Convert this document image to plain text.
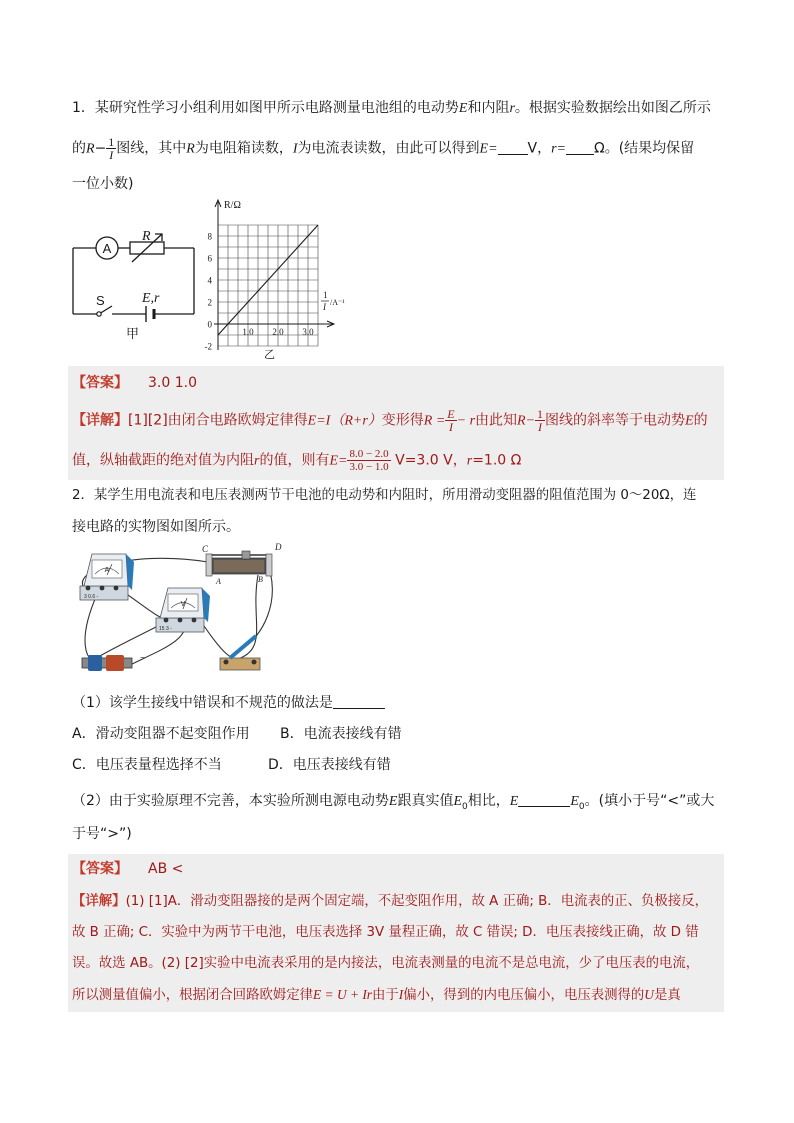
1．某研究性学习小组利用如图甲所示电路测量电池组的电动势E和内阻r。根据实验数据绘出如图乙所示
的$R- \frac{1}{I}$ 图线，其中R为电阻箱读数，I为电流表读数，由此可以得到E= V，r= Ω。(结果均保留
一位小数)
A
R
S	E,r
甲
8
6
4
2
0
-2
1.0 2.0 3.0
R/Ω
1
I /A⁻¹
乙
【答案】 3.0 1.0
【详解】[1][2]由闭合电路欧姆定律得E=I（R+r）变形得$R = \frac{E}{I} - r$由此知$R- \frac{1}{I}$ 图线的斜率等于电动势E的
值，纵轴截距的绝对值为内阻r的值，则有$E= \frac{8.0 - 2.0}{3.0 - 1.0} V=3.0$ V，r=1.0 Ω
2．某学生用电流表和电压表测两节干电池的电动势和内阻时，所用滑动变阻器的阻值范围为 0～20Ω，连
接电路的实物图如图所示。
A
3 0.6 -
V
15 3 -
C	D
A	B
−
（1）该学生接线中错误和不规范的做法是
A．滑动变阻器不起变阻作用 B．电流表接线有错
C．电压表量程选择不当	D．电压表接线有错
（2）由于实验原理不完善，本实验所测电源电动势E跟真实值$E_0$相比，E	$E_0$。(填小于号“<”或大
于号“>”)
【答案】 AB <
【详解】(1) [1]A．滑动变阻器接的是两个固定端，不起变阻作用，故 A 正确; B．电流表的正、负极接反，
故 B 正确; C．实验中为两节干电池，电压表选择 3V 量程正确，故 C 错误; D．电压表接线正确，故 D 错
误。故选 AB。(2) [2]实验中电流表采用的是内接法，电流表测量的电流不是总电流，少了电压表的电流，
所以测量值偏小，根据闭合回路欧姆定律E = U + Ir由于I偏小，得到的内电压偏小，电压表测得的U是真
